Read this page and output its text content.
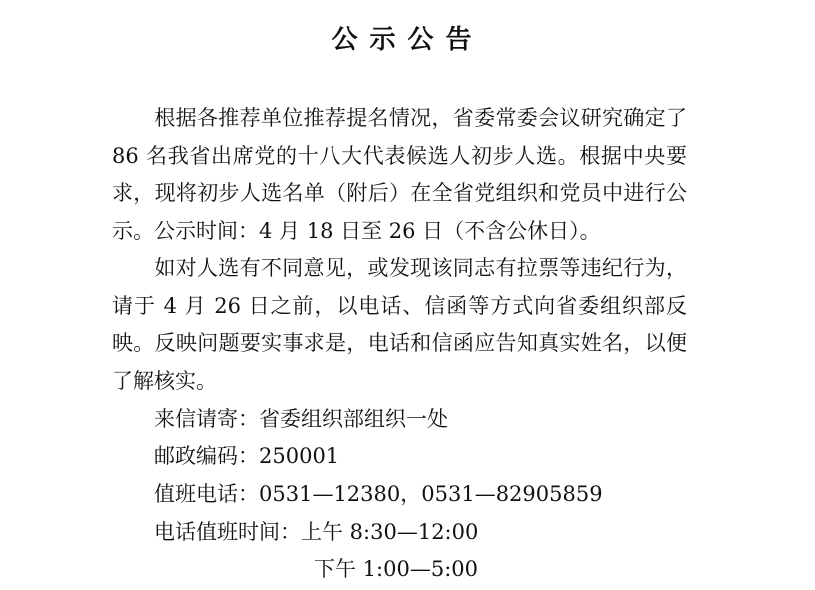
公示公告
根据各推荐单位推荐提名情况，省委常委会议研究确定了 86 名我省出席党的十八大代表候选人初步人选。根据中央要求，现将初步人选名单（附后）在全省党组织和党员中进行公示。公示时间：4 月 18 日至 26 日（不含公休日）。
如对人选有不同意见，或发现该同志有拉票等违纪行为，请于 4 月 26 日之前，以电话、信函等方式向省委组织部反映。反映问题要实事求是，电话和信函应告知真实姓名，以便了解核实。
来信请寄：省委组织部组织一处
邮政编码：250001
值班电话：0531—12380，0531—82905859
电话值班时间：上午 8:30—12:00
下午 1:00—5:00
